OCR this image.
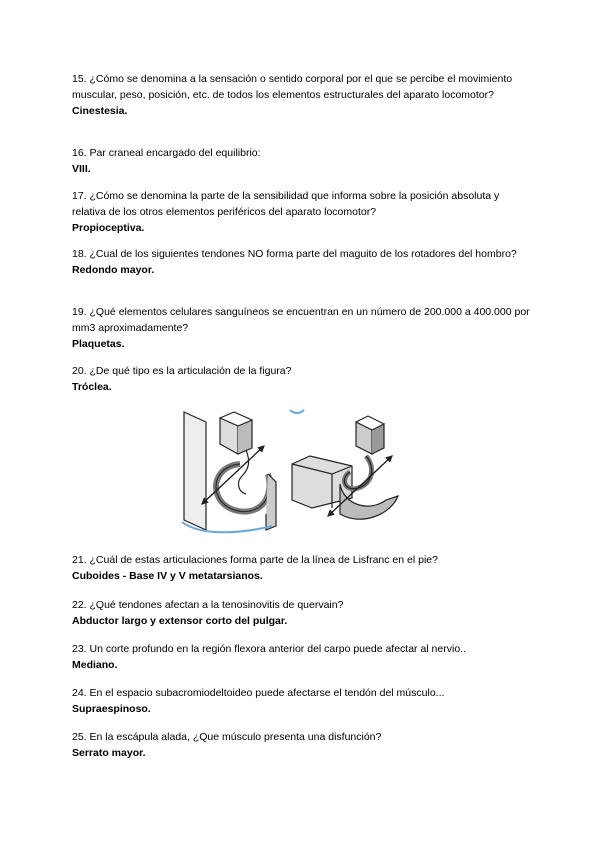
15. ¿Cómo se denomina a la sensación o sentido corporal por el que se percibe el movimiento muscular, peso, posición, etc. de todos los elementos estructurales del aparato locomotor?
Cinestesia.
16. Par craneal encargado del equilibrio:
VIII.
17. ¿Cómo se denomina la parte de la sensibilidad que informa sobre la posición absoluta y relativa de los otros elementos periféricos del aparato locomotor?
Propioceptiva.
18. ¿Cual de los siguientes tendones NO forma parte del maguito de los rotadores del hombro?
Redondo mayor.
19. ¿Qué elementos celulares sanguíneos se encuentran en un número de 200.000 a 400.000 por mm3 aproximadamente?
Plaquetas.
20. ¿De qué tipo es la articulación de la figura?
Tróclea.
21. ¿Cuál de estas articulaciones forma parte de la línea de Lisfranc en el pie?
Cuboides - Base IV y V metatarsianos.
22. ¿Qué tendones afectan a la tenosinovitis de quervain?
Abductor largo y extensor corto del pulgar.
23. Un corte profundo en la región flexora anterior del carpo puede afectar al nervio..
Mediano.
24. En el espacio subacromiodeltoideo puede afectarse el tendón del músculo...
Supraespinoso.
25. En la escápula alada, ¿Que músculo presenta una disfunción?
Serrato mayor.
